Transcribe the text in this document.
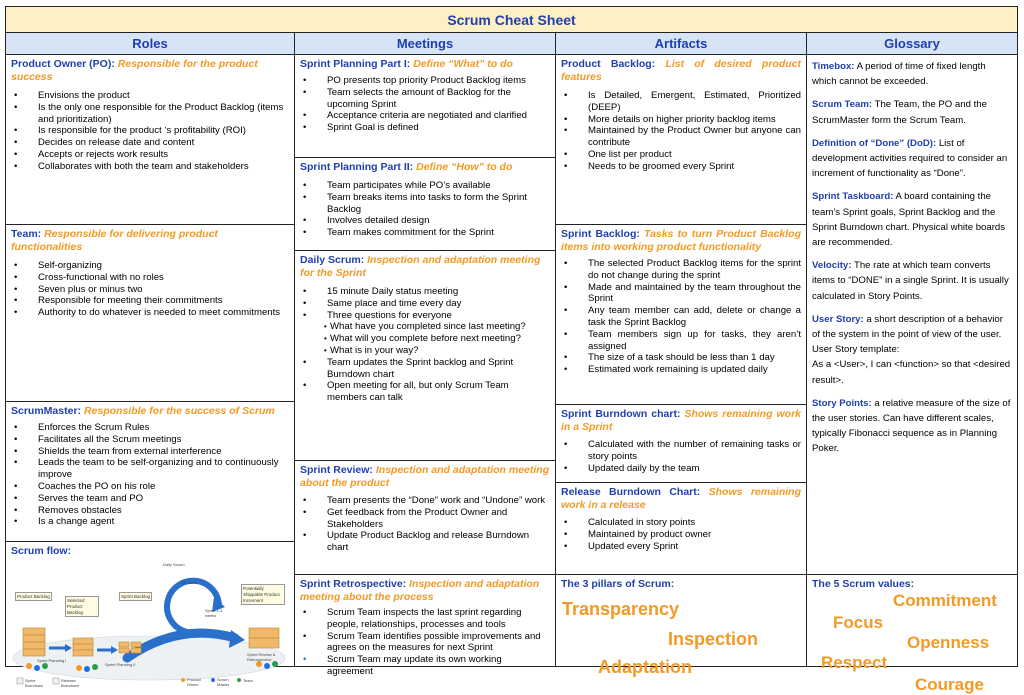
Scrum Cheat Sheet
Roles
Product Owner (PO): Responsible for the product success
• Envisions the product
• Is the only one responsible for the Product Backlog (items and prioritization)
• Is responsible for the product ‘s profitability (ROI)
• Decides on release date and content
• Accepts or rejects work results
• Collaborates with both the team and stakeholders
Team: Responsible for delivering product functionalities
• Self-organizing
• Cross-functional with no roles
• Seven plus or minus two
• Responsible for meeting their commitments
• Authority to do whatever is needed to meet commitments
ScrumMaster: Responsible for the success of Scrum
• Enforces the Scrum Rules
• Facilitates all the Scrum meetings
• Shields the team from external interference
• Leads the team to be self-organizing and to continuously improve
• Coaches the PO on his role
• Serves the team and PO
• Removes obstacles
• Is a change agent
Scrum flow:
Product Backlog
Selected Product Backlog
Sprint Backlog
Daily Scrum
24 hours
Sprint 1-4 weeks
Potentially Shippable Product Increment
Sprint Planning I
Sprint Planning II
Sprint Review & Retrospective
Sprint Burndown
Release Burndown
Product Owner
Scrum Master
Team
Meetings
Sprint Planning Part I: Define “What” to do
• PO presents top priority Product Backlog items
• Team selects the amount of Backlog for the upcoming Sprint
• Acceptance criteria are negotiated and clarified
• Sprint Goal is defined
Sprint Planning Part II: Define “How” to do
• Team participates while PO’s available
• Team breaks items into tasks to form the Sprint Backlog
• Involves detailed design
• Team makes commitment for the Sprint
Daily Scrum: Inspection and adaptation meeting for the Sprint
• 15 minute Daily status meeting
• Same place and time every day
• Three questions for everyone
• What have you completed since last meeting?
• What will you complete before next meeting?
• What is in your way?
• Team updates the Sprint backlog and Sprint Burndown chart
• Open meeting for all, but only Scrum Team members can talk
Sprint Review: Inspection and adaptation meeting about the product
• Team presents the “Done” work and “Undone” work
• Get feedback from the Product Owner and Stakeholders
• Update Product Backlog and release Burndown chart
Sprint Retrospective: Inspection and adaptation meeting about the process
• Scrum Team inspects the last sprint regarding people, relationships, processes and tools
• Scrum Team identifies possible improvements and agrees on the measures for next Sprint
• Scrum Team may update its own working agreement
Artifacts
Product Backlog: List of desired product features
• Is Detailed, Emergent, Estimated, Prioritized (DEEP)
• More details on higher priority backlog items
• Maintained by the Product Owner but anyone can contribute
• One list per product
• Needs to be groomed every Sprint
Sprint Backlog: Tasks to turn Product Backlog items into working product functionality
• The selected Product Backlog items for the sprint do not change during the sprint
• Made and maintained by the team throughout the Sprint
• Any team member can add, delete or change a task the Sprint Backlog
• Team members sign up for tasks, they aren’t assigned
• The size of a task should be less than 1 day
• Estimated work remaining is updated daily
Sprint Burndown chart: Shows remaining work in a Sprint
• Calculated with the number of remaining tasks or story points
• Updated daily by the team
Release Burndown Chart: Shows remaining work in a release
• Calculated in story points
• Maintained by product owner
• Updated every Sprint
The 3 pillars of Scrum:
Transparency
Inspection
Adaptation
Glossary
Timebox: A period of time of fixed length which cannot be exceeded.
Scrum Team: The Team, the PO and the ScrumMaster form the Scrum Team.
Definition of “Done” (DoD): List of development activities required to consider an increment of functionality as “Done”.
Sprint Taskboard: A board containing the team’s Sprint goals, Sprint Backlog and the Sprint Burndown chart. Physical white boards are recommended.
Velocity: The rate at which team converts items to “DONE” in a single Sprint. It is usually calculated in Story Points.
User Story: a short description of a behavior of the system in the point of view of the user.
User Story template:
As a <User>, I can <function> so that <desired result>.
Story Points: a relative measure of the size of the user stories. Can have different scales, typically Fibonacci sequence as in Planning Poker.
The 5 Scrum values:
Commitment
Focus
Openness
Respect
Courage
